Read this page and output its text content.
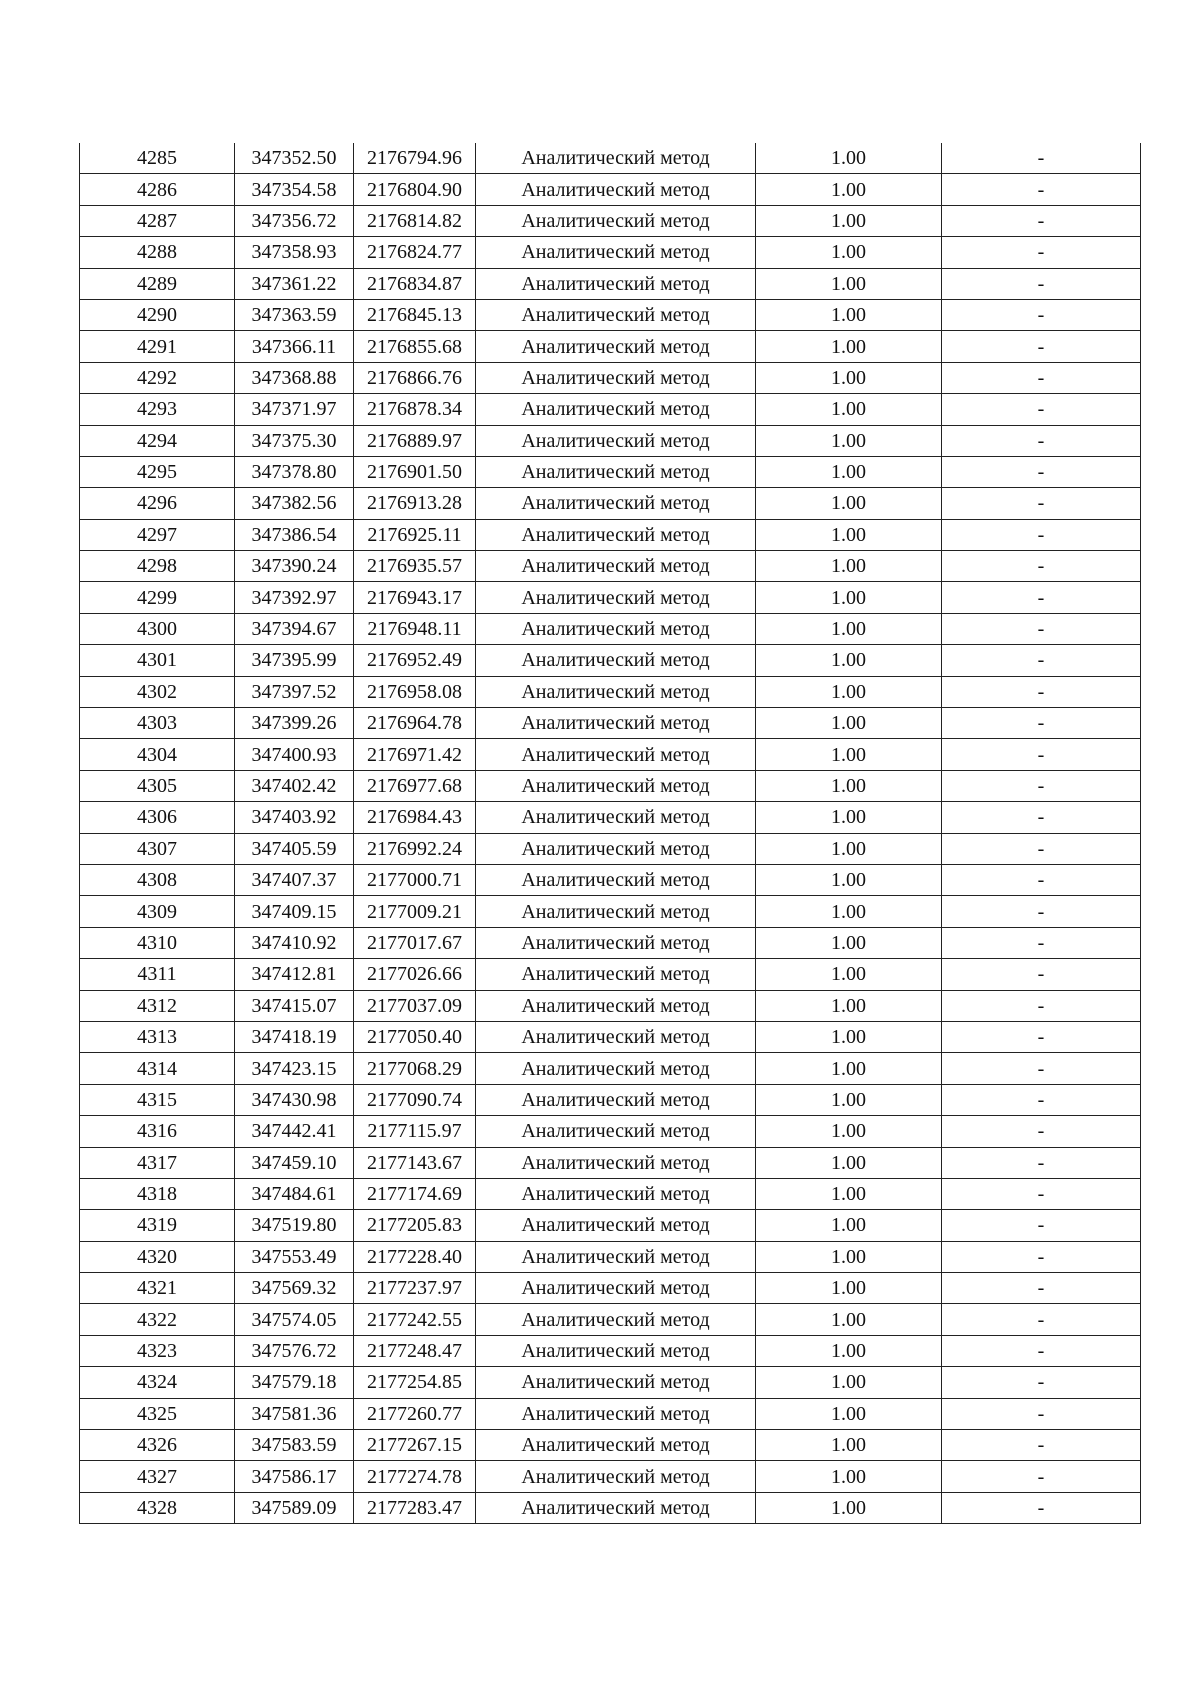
4285	347352.50	2176794.96	Аналитический метод	1.00	-
4286	347354.58	2176804.90	Аналитический метод	1.00	-
4287	347356.72	2176814.82	Аналитический метод	1.00	-
4288	347358.93	2176824.77	Аналитический метод	1.00	-
4289	347361.22	2176834.87	Аналитический метод	1.00	-
4290	347363.59	2176845.13	Аналитический метод	1.00	-
4291	347366.11	2176855.68	Аналитический метод	1.00	-
4292	347368.88	2176866.76	Аналитический метод	1.00	-
4293	347371.97	2176878.34	Аналитический метод	1.00	-
4294	347375.30	2176889.97	Аналитический метод	1.00	-
4295	347378.80	2176901.50	Аналитический метод	1.00	-
4296	347382.56	2176913.28	Аналитический метод	1.00	-
4297	347386.54	2176925.11	Аналитический метод	1.00	-
4298	347390.24	2176935.57	Аналитический метод	1.00	-
4299	347392.97	2176943.17	Аналитический метод	1.00	-
4300	347394.67	2176948.11	Аналитический метод	1.00	-
4301	347395.99	2176952.49	Аналитический метод	1.00	-
4302	347397.52	2176958.08	Аналитический метод	1.00	-
4303	347399.26	2176964.78	Аналитический метод	1.00	-
4304	347400.93	2176971.42	Аналитический метод	1.00	-
4305	347402.42	2176977.68	Аналитический метод	1.00	-
4306	347403.92	2176984.43	Аналитический метод	1.00	-
4307	347405.59	2176992.24	Аналитический метод	1.00	-
4308	347407.37	2177000.71	Аналитический метод	1.00	-
4309	347409.15	2177009.21	Аналитический метод	1.00	-
4310	347410.92	2177017.67	Аналитический метод	1.00	-
4311	347412.81	2177026.66	Аналитический метод	1.00	-
4312	347415.07	2177037.09	Аналитический метод	1.00	-
4313	347418.19	2177050.40	Аналитический метод	1.00	-
4314	347423.15	2177068.29	Аналитический метод	1.00	-
4315	347430.98	2177090.74	Аналитический метод	1.00	-
4316	347442.41	2177115.97	Аналитический метод	1.00	-
4317	347459.10	2177143.67	Аналитический метод	1.00	-
4318	347484.61	2177174.69	Аналитический метод	1.00	-
4319	347519.80	2177205.83	Аналитический метод	1.00	-
4320	347553.49	2177228.40	Аналитический метод	1.00	-
4321	347569.32	2177237.97	Аналитический метод	1.00	-
4322	347574.05	2177242.55	Аналитический метод	1.00	-
4323	347576.72	2177248.47	Аналитический метод	1.00	-
4324	347579.18	2177254.85	Аналитический метод	1.00	-
4325	347581.36	2177260.77	Аналитический метод	1.00	-
4326	347583.59	2177267.15	Аналитический метод	1.00	-
4327	347586.17	2177274.78	Аналитический метод	1.00	-
4328	347589.09	2177283.47	Аналитический метод	1.00	-
